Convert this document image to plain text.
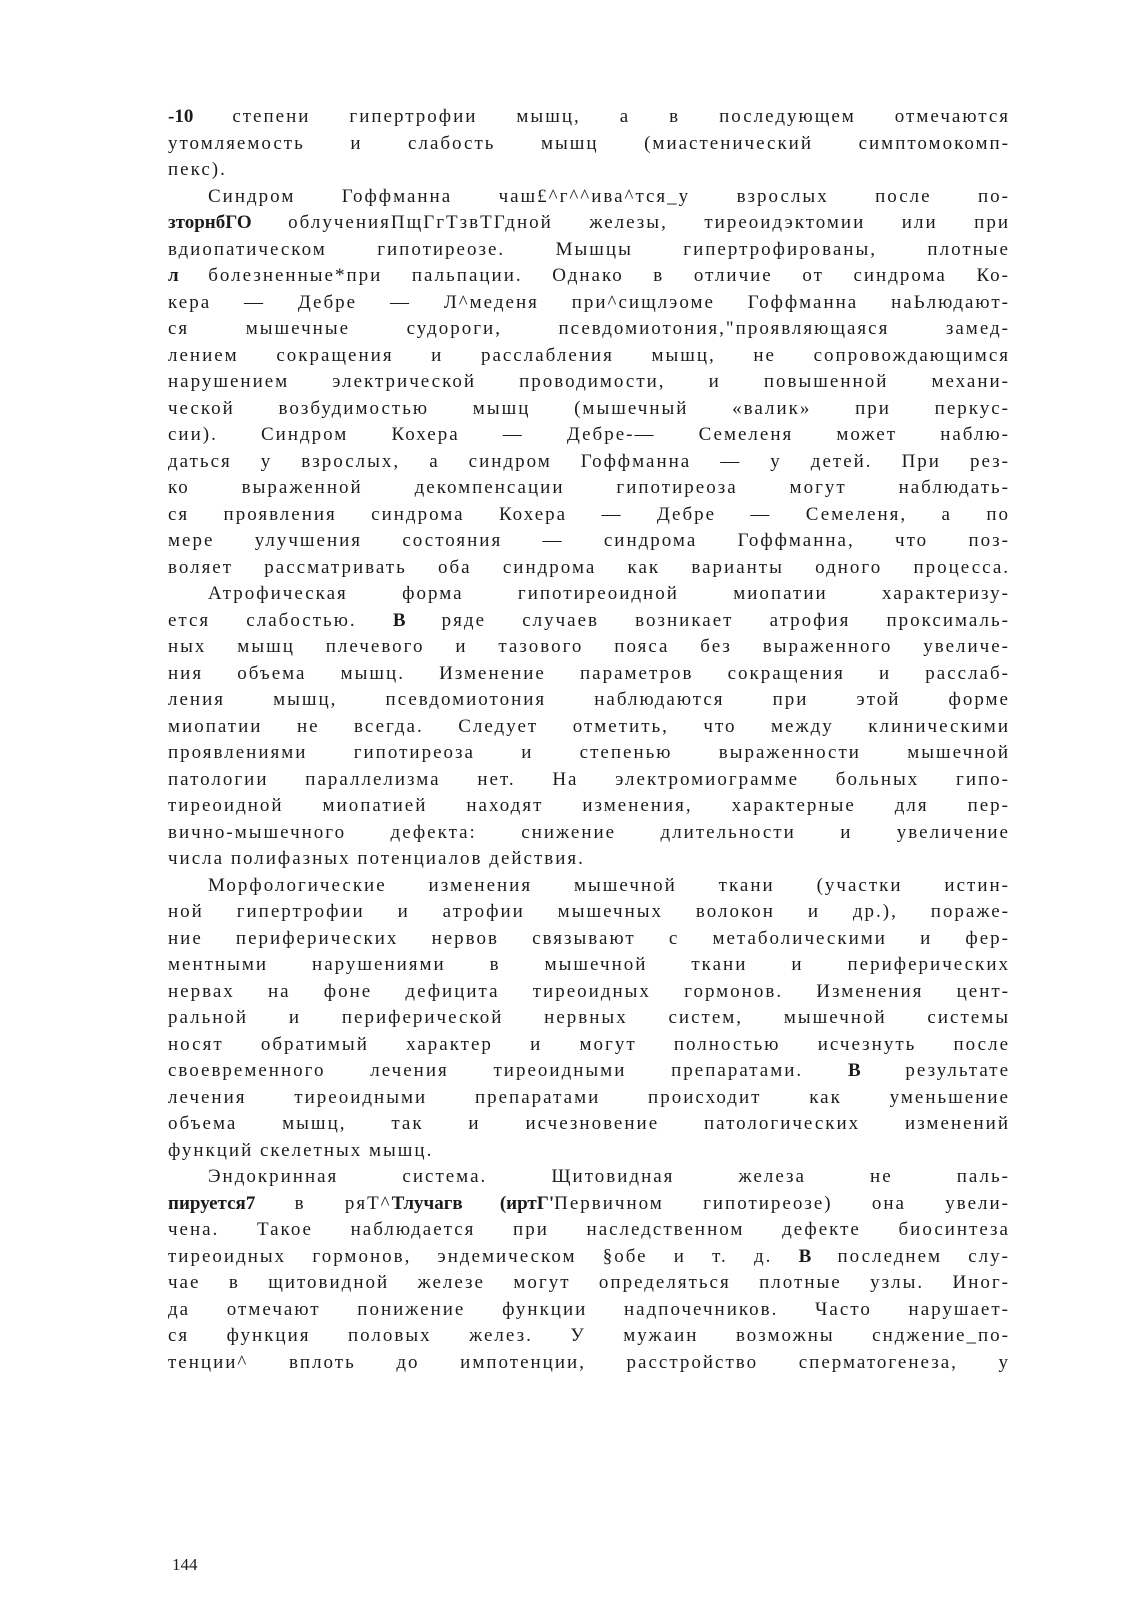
-10 степени гипертрофии мышц, а в последующем отмечаются
утомляемость и слабость мышц (миастенический симптомокомп-
пекс).
Синдром Гоффманна чаш£^г^^ива^тся_у взрослых после по-
зторнбГО облученияПщГгТзвТГдной железы, тиреоидэктомии или при
вдиопатическом гипотиреозе. Мышцы гипертрофированы, плотные
л болезненные*при пальпации. Однако в отличие от синдрома Ко-
кера — Дебре — Л^меденя при^сищлэоме Гоффманна наЬлюдают-
ся мышечные судороги, псевдомиотония,"проявляющаяся замед-
лением сокращения и расслабления мышц, не сопровождающимся
нарушением электрической проводимости, и повышенной механи-
ческой возбудимостью мышц (мышечный «валик» при перкус-
сии). Синдром Кохера — Дебре-— Семеленя может наблю-
даться у взрослых, а синдром Гоффманна — у детей. При рез-
ко выраженной декомпенсации гипотиреоза могут наблюдать-
ся проявления синдрома Кохера — Дебре — Семеленя, а по
мере улучшения состояния — синдрома Гоффманна, что поз-
воляет рассматривать оба синдрома как варианты одного процесса.
Атрофическая форма гипотиреоидной миопатии характеризу-
ется слабостью. В ряде случаев возникает атрофия проксималь-
ных мышц плечевого и тазового пояса без выраженного увеличе-
ния объема мышц. Изменение параметров сокращения и расслаб-
ления мышц, псевдомиотония наблюдаются при этой форме
миопатии не всегда. Следует отметить, что между клиническими
проявлениями гипотиреоза и степенью выраженности мышечной
патологии параллелизма нет. На электромиограмме больных гипо-
тиреоидной миопатией находят изменения, характерные для пер-
вично-мышечного дефекта: снижение длительности и увеличение
числа полифазных потенциалов действия.
Морфологические изменения мышечной ткани (участки истин-
ной гипертрофии и атрофии мышечных волокон и др.), пораже-
ние периферических нервов связывают с метаболическими и фер-
ментными нарушениями в мышечной ткани и периферических
нервах на фоне дефицита тиреоидных гормонов. Изменения цент-
ральной и периферической нервных систем, мышечной системы
носят обратимый характер и могут полностью исчезнуть после
своевременного лечения тиреоидными препаратами. В результате
лечения тиреоидными препаратами происходит как уменьшение
объема мышц, так и исчезновение патологических изменений
функций скелетных мышц.
Эндокринная система. Щитовидная железа не паль-
пируется7 в ряТ^Тлучагв (иртГ'Первичном гипотиреозе) она увели-
чена. Такое наблюдается при наследственном дефекте биосинтеза
тиреоидных гормонов, эндемическом §обе и т. д. В последнем слу-
чае в щитовидной железе могут определяться плотные узлы. Иног-
да отмечают понижение функции надпочечников. Часто нарушает-
ся функция половых желез. У мужаин возможны снджение_по-
тенции^ вплоть до импотенции, расстройство сперматогенеза, у
144
